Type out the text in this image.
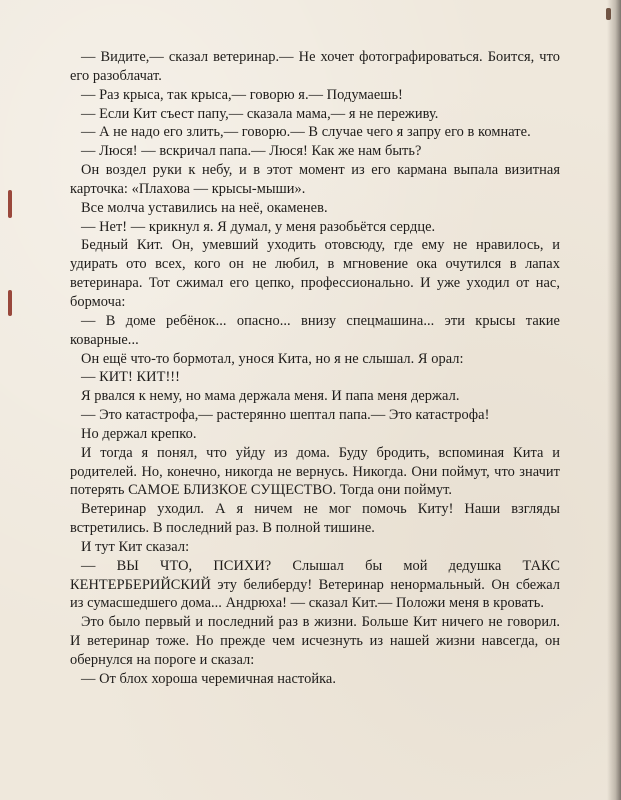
— Видите,— сказал ветеринар.— Не хочет фотографироваться. Боится, что его разоблачат.

— Раз крыса, так крыса,— говорю я.— Подумаешь!

— Если Кит съест папу,— сказала мама,— я не переживу.

— А не надо его злить,— говорю.— В случае чего я запру его в комнате.

— Люся! — вскричал папа.— Люся! Как же нам быть?

Он воздел руки к небу, и в этот момент из его кармана выпала визитная карточка: «Плахова — крысы-мыши».

Все молча уставились на неё, окаменев.

— Нет! — крикнул я. Я думал, у меня разобьётся сердце.

Бедный Кит. Он, умевший уходить отовсюду, где ему не нравилось, и удирать ото всех, кого он не любил, в мгновение ока очутился в лапах ветеринара. Тот сжимал его цепко, профессионально. И уже уходил от нас, бормоча:

— В доме ребёнок... опасно... внизу спецмашина... эти крысы такие коварные...

Он ещё что-то бормотал, унося Кита, но я не слышал. Я орал:

— КИТ! КИТ!!!

Я рвался к нему, но мама держала меня. И папа меня держал.

— Это катастрофа,— растерянно шептал папа.— Это катастрофа!

Но держал крепко.

И тогда я понял, что уйду из дома. Буду бродить, вспоминая Кита и родителей. Но, конечно, никогда не вернусь. Никогда. Они поймут, что значит потерять САМОЕ БЛИЗКОЕ СУЩЕСТВО. Тогда они поймут.

Ветеринар уходил. А я ничем не мог помочь Киту! Наши взгляды встретились. В последний раз. В полной тишине.

И тут Кит сказал:

— ВЫ ЧТО, ПСИХИ? Слышал бы мой дедушка ТАКС КЕНТЕРБЕРИЙСКИЙ эту белиберду! Ветеринар ненормальный. Он сбежал из сумасшедшего дома... Андрюха! — сказал Кит.— Положи меня в кровать.

Это было первый и последний раз в жизни. Больше Кит ничего не говорил. И ветеринар тоже. Но прежде чем исчезнуть из нашей жизни навсегда, он обернулся на пороге и сказал:

— От блох хороша черемичная настойка.
